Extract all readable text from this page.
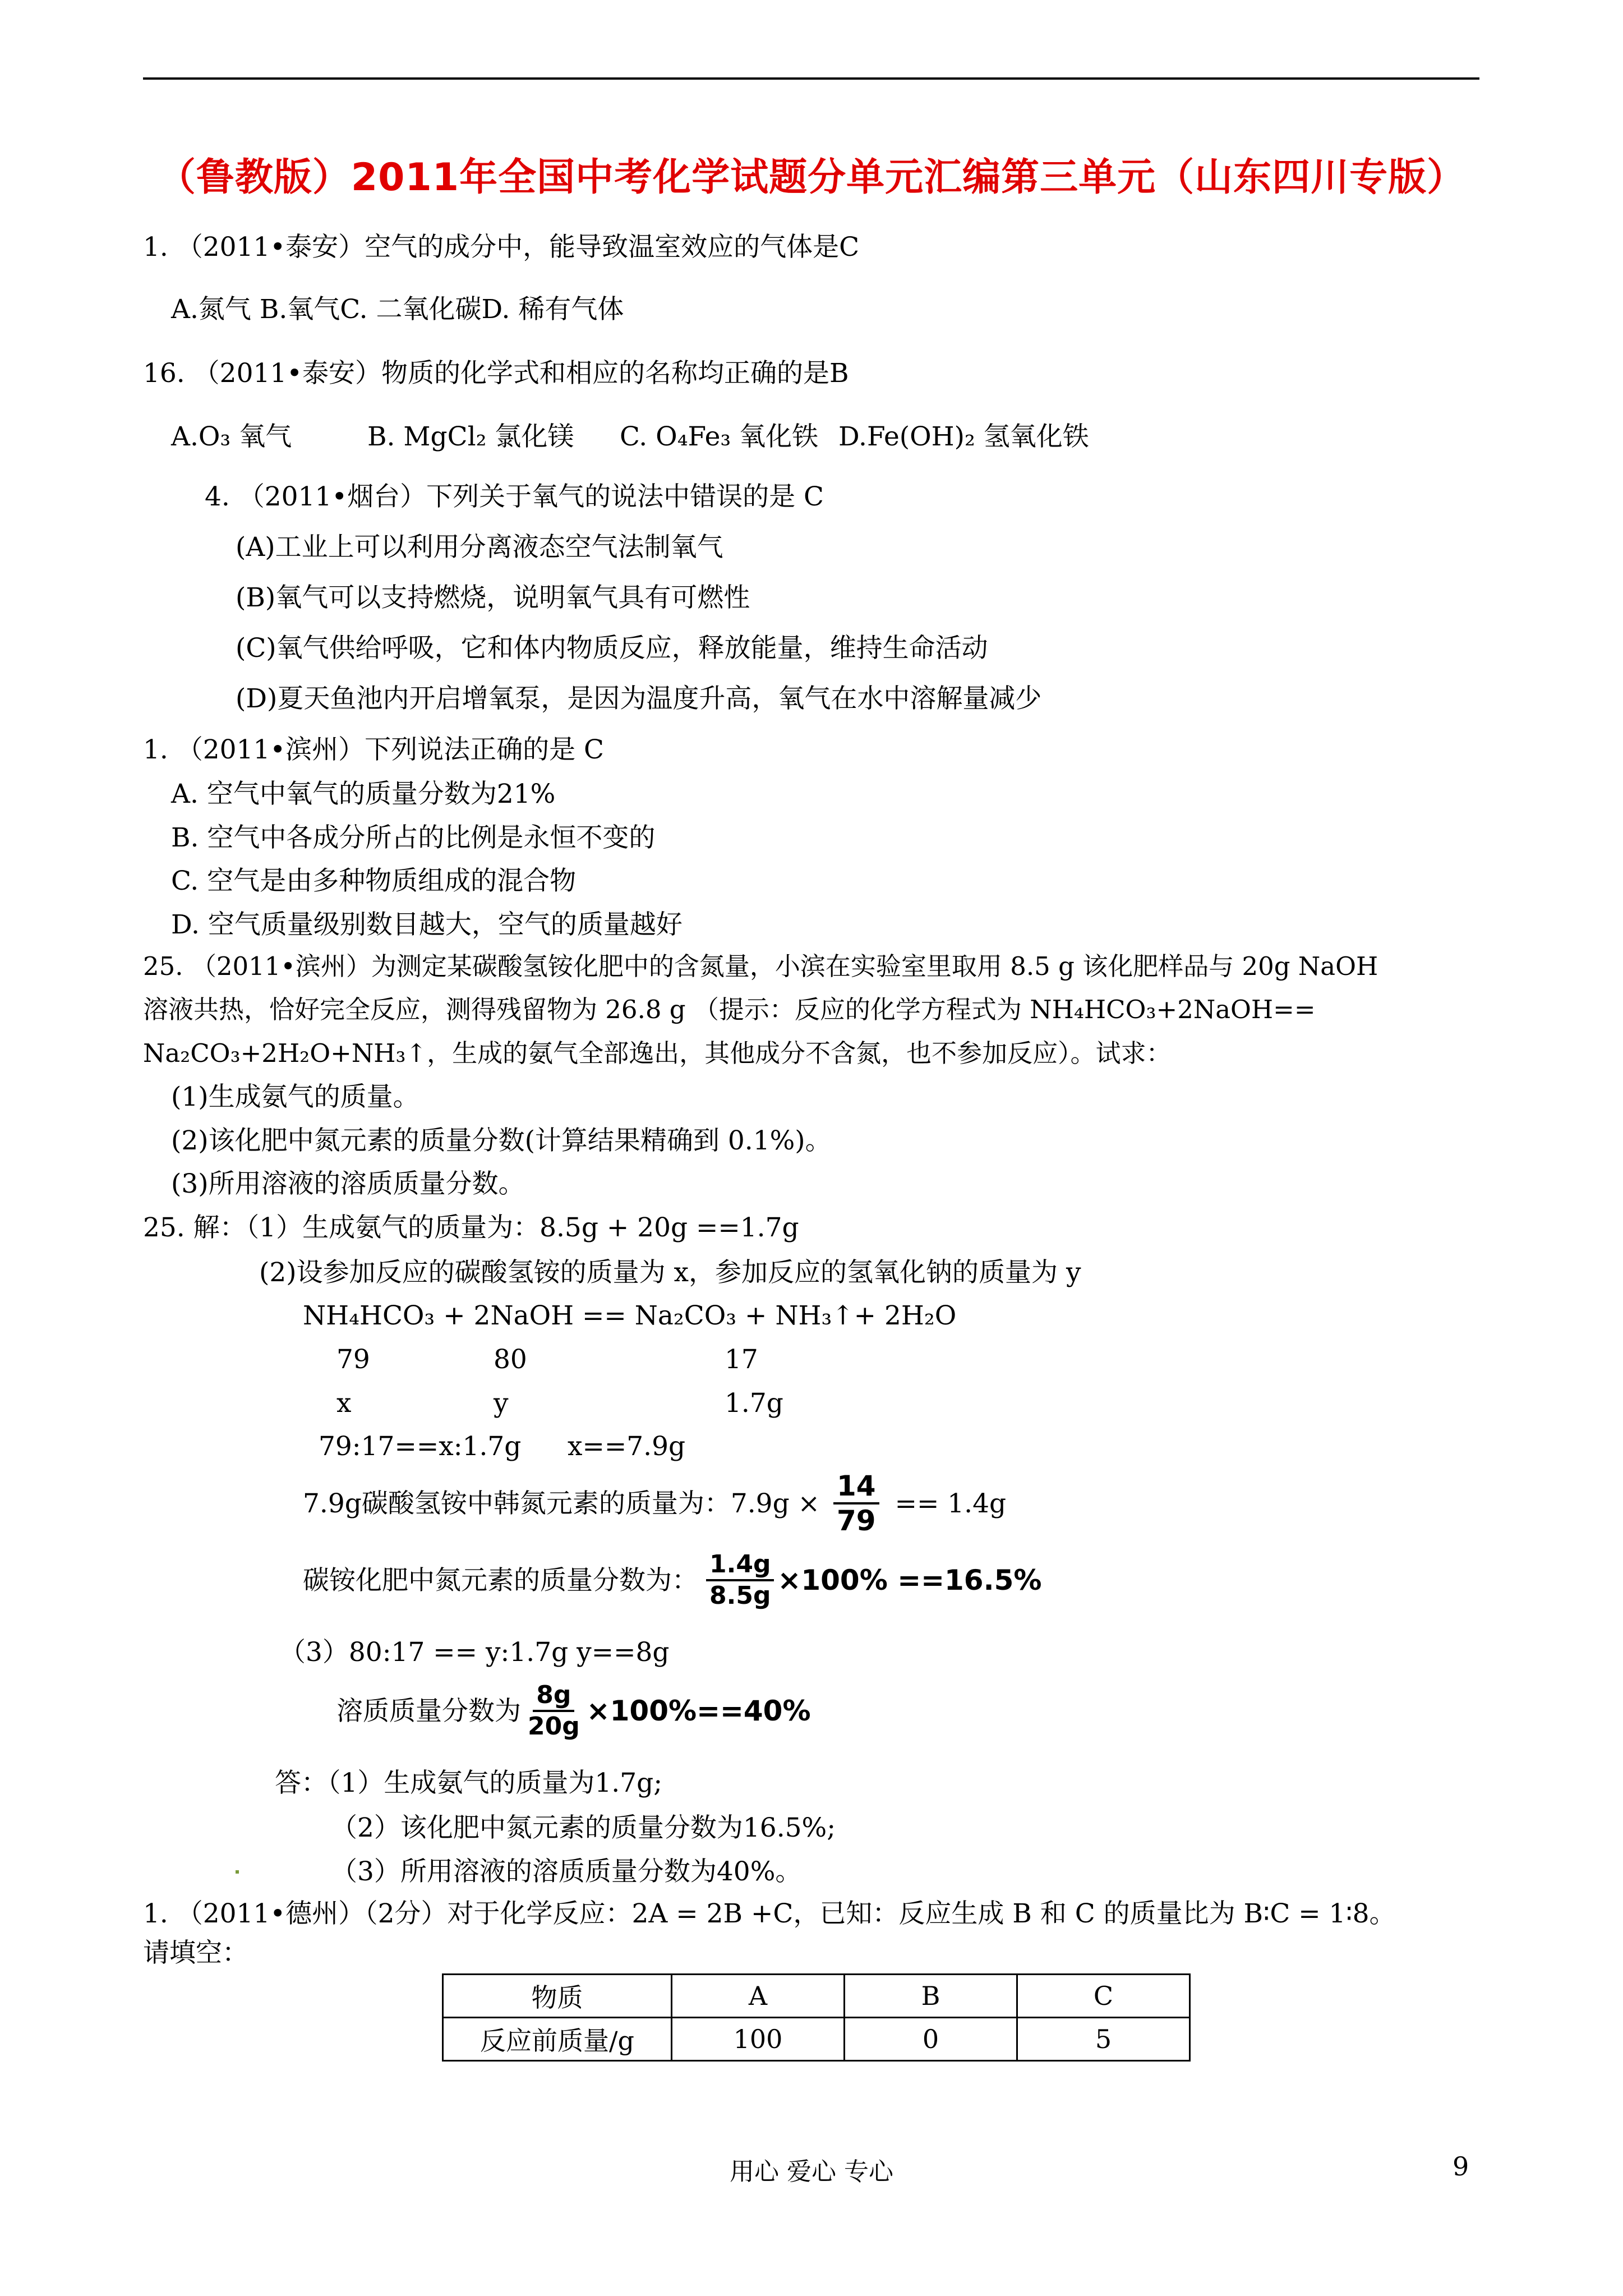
（鲁教版）2011年全国中考化学试题分单元汇编第三单元（山东四川专版）
1. （2011•泰安）空气的成分中，能导致温室效应的气体是C
A.氮气 B.氧气C. 二氧化碳D. 稀有气体
16. （2011•泰安）物质的化学式和相应的名称均正确的是B
A.O₃ 氧气	B. MgCl₂ 氯化镁 C. O₄Fe₃ 氧化铁 D.Fe(OH)₂ 氢氧化铁
4. （2011•烟台）下列关于氧气的说法中错误的是 C
(A)工业上可以利用分离液态空气法制氧气
(B)氧气可以支持燃烧，说明氧气具有可燃性
(C)氧气供给呼吸，它和体内物质反应，释放能量，维持生命活动
(D)夏天鱼池内开启增氧泵，是因为温度升高，氧气在水中溶解量减少
1. （2011•滨州）下列说法正确的是 C
A. 空气中氧气的质量分数为21%
B. 空气中各成分所占的比例是永恒不变的
C. 空气是由多种物质组成的混合物
D. 空气质量级别数目越大，空气的质量越好
25. （2011•滨州）为测定某碳酸氢铵化肥中的含氮量，小滨在实验室里取用 8.5 g 该化肥样品与 20g NaOH
溶液共热，恰好完全反应，测得残留物为 26.8 g （提示：反应的化学方程式为 NH₄HCO₃+2NaOH==
Na₂CO₃+2H₂O+NH₃↑，生成的氨气全部逸出，其他成分不含氮，也不参加反应）。试求：
(1)生成氨气的质量。
(2)该化肥中氮元素的质量分数(计算结果精确到 0.1%)。
(3)所用溶液的溶质质量分数。
25. 解：（1）生成氨气的质量为：8.5g + 20g ==1.7g
(2)设参加反应的碳酸氢铵的质量为 x，参加反应的氢氧化钠的质量为 y
NH₄HCO₃ + 2NaOH == Na₂CO₃ + NH₃↑+ 2H₂O
79	80	17
x	y	1.7g
79:17==x:1.7g x==7.9g
7.9g碳酸氢铵中韩氮元素的质量为：$7.9g \times \frac{14}{79} == 1.4g$
碳铵化肥中氮元素的质量分数为： $\frac{1.4g}{8.5g} \times 100\% ==16.5\%$
（3）80:17 == y:1.7g y==8g
溶质质量分数为 $\frac{8g}{20g} \times 100\%==40\%$
答：（1）生成氨气的质量为1.7g;
（2）该化肥中氮元素的质量分数为16.5%;
（3）所用溶液的溶质质量分数为40%。
1. （2011•德州）（2分）对于化学反应：2A = 2B +C，已知：反应生成 B 和 C 的质量比为 B∶C = 1∶8。
请填空：
物质	A	B	C
反应前质量/g	100	0	5
用心 爱心 专心	9
